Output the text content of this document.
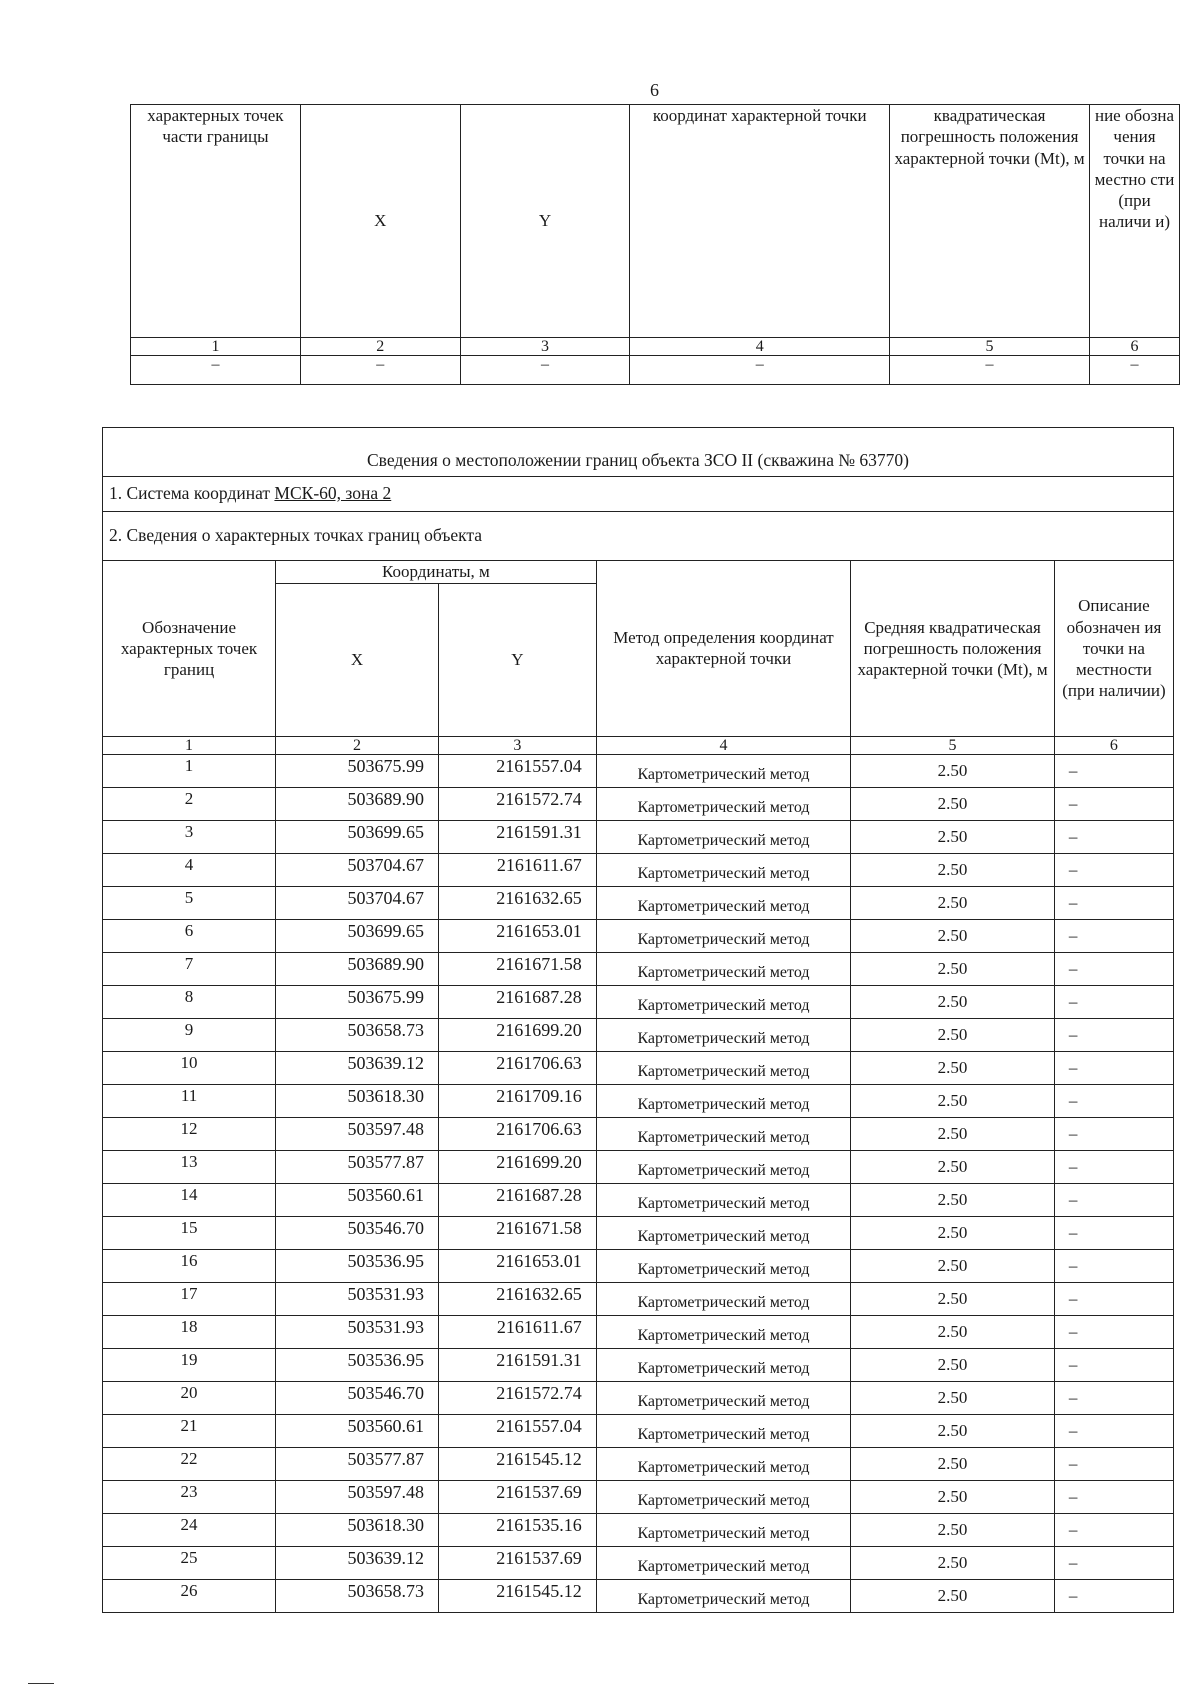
6
характерных точек части границы	X	Y	координат характерной точки	квадратическая погрешность положения характерной точки (Mt), м	ние обозна чения точки на местно сти (при наличи и)
1	2	3	4	5	6
–	–	–	–	–	–
Сведения о местоположении границ объекта ЗСО II (скважина № 63770)					
1. Система координат МСК-60, зона 2					
2. Сведения о характерных точках границ объекта					
Обозначение характерных точек границ	Координаты, м		Метод определения координат характерной точки	Средняя квадратическая погрешность положения характерной точки (Mt), м	Описание обозначен ия точки на местности (при наличии)
	X	Y			
1	2	3	4	5	6
1	503675.99	2161557.04	Картометрический метод	2.50	–
2	503689.90	2161572.74	Картометрический метод	2.50	–
3	503699.65	2161591.31	Картометрический метод	2.50	–
4	503704.67	2161611.67	Картометрический метод	2.50	–
5	503704.67	2161632.65	Картометрический метод	2.50	–
6	503699.65	2161653.01	Картометрический метод	2.50	–
7	503689.90	2161671.58	Картометрический метод	2.50	–
8	503675.99	2161687.28	Картометрический метод	2.50	–
9	503658.73	2161699.20	Картометрический метод	2.50	–
10	503639.12	2161706.63	Картометрический метод	2.50	–
11	503618.30	2161709.16	Картометрический метод	2.50	–
12	503597.48	2161706.63	Картометрический метод	2.50	–
13	503577.87	2161699.20	Картометрический метод	2.50	–
14	503560.61	2161687.28	Картометрический метод	2.50	–
15	503546.70	2161671.58	Картометрический метод	2.50	–
16	503536.95	2161653.01	Картометрический метод	2.50	–
17	503531.93	2161632.65	Картометрический метод	2.50	–
18	503531.93	2161611.67	Картометрический метод	2.50	–
19	503536.95	2161591.31	Картометрический метод	2.50	–
20	503546.70	2161572.74	Картометрический метод	2.50	–
21	503560.61	2161557.04	Картометрический метод	2.50	–
22	503577.87	2161545.12	Картометрический метод	2.50	–
23	503597.48	2161537.69	Картометрический метод	2.50	–
24	503618.30	2161535.16	Картометрический метод	2.50	–
25	503639.12	2161537.69	Картометрический метод	2.50	–
26	503658.73	2161545.12	Картометрический метод	2.50	–
